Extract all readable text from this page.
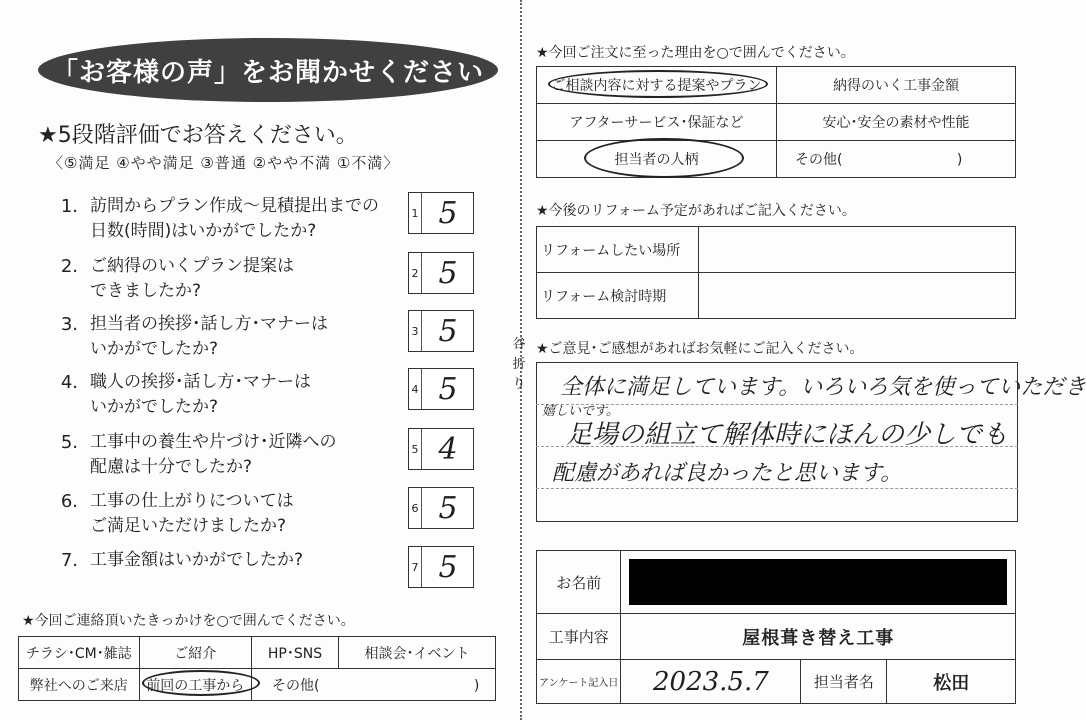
「お客様の声」をお聞かせください
★5段階評価でお答えください。
〈⑤満足 ④やや満足 ③普通 ②やや不満 ①不満〉
1. 訪問からプラン作成～見積提出までの
日数(時間)はいかがでしたか?
1 5
2. ご納得のいくプラン提案は
できましたか?
2 5
3. 担当者の挨拶･話し方･マナーは
いかがでしたか?
3 5
4. 職人の挨拶･話し方･マナーは
いかがでしたか?
4 5
5. 工事中の養生や片づけ･近隣への
配慮は十分でしたか?
5 4
6. 工事の仕上がりについては
ご満足いただけましたか?
6 5
7. 工事金額はいかがでしたか?	7 5
★今回ご連絡頂いたきっかけを○で囲んでください。
チラシ･CM･雑誌	ご紹介	HP･SNS	相談会･イベント
弊社へのご来店	前回の工事から	その他( )	
谷折り
★今回ご注文に至った理由を○で囲んでください。
ご相談内容に対する提案やプラン	納得のいく工事金額
アフターサービス･保証など	安心･安全の素材や性能
担当者の人柄	その他( )
★今後のリフォーム予定があればご記入ください。
リフォームしたい場所	
リフォーム検討時期	
★ご意見･ご感想があればお気軽にご記入ください。
全体に満足しています。いろいろ気を使っていただき
嬉しいです。
足場の組立て解体時にほんの少しでも
配慮があれば良かったと思います。
お名前			

工事内容	屋根葺き替え工事		
アンケート記入日	2023.5.7	担当者名	松田
